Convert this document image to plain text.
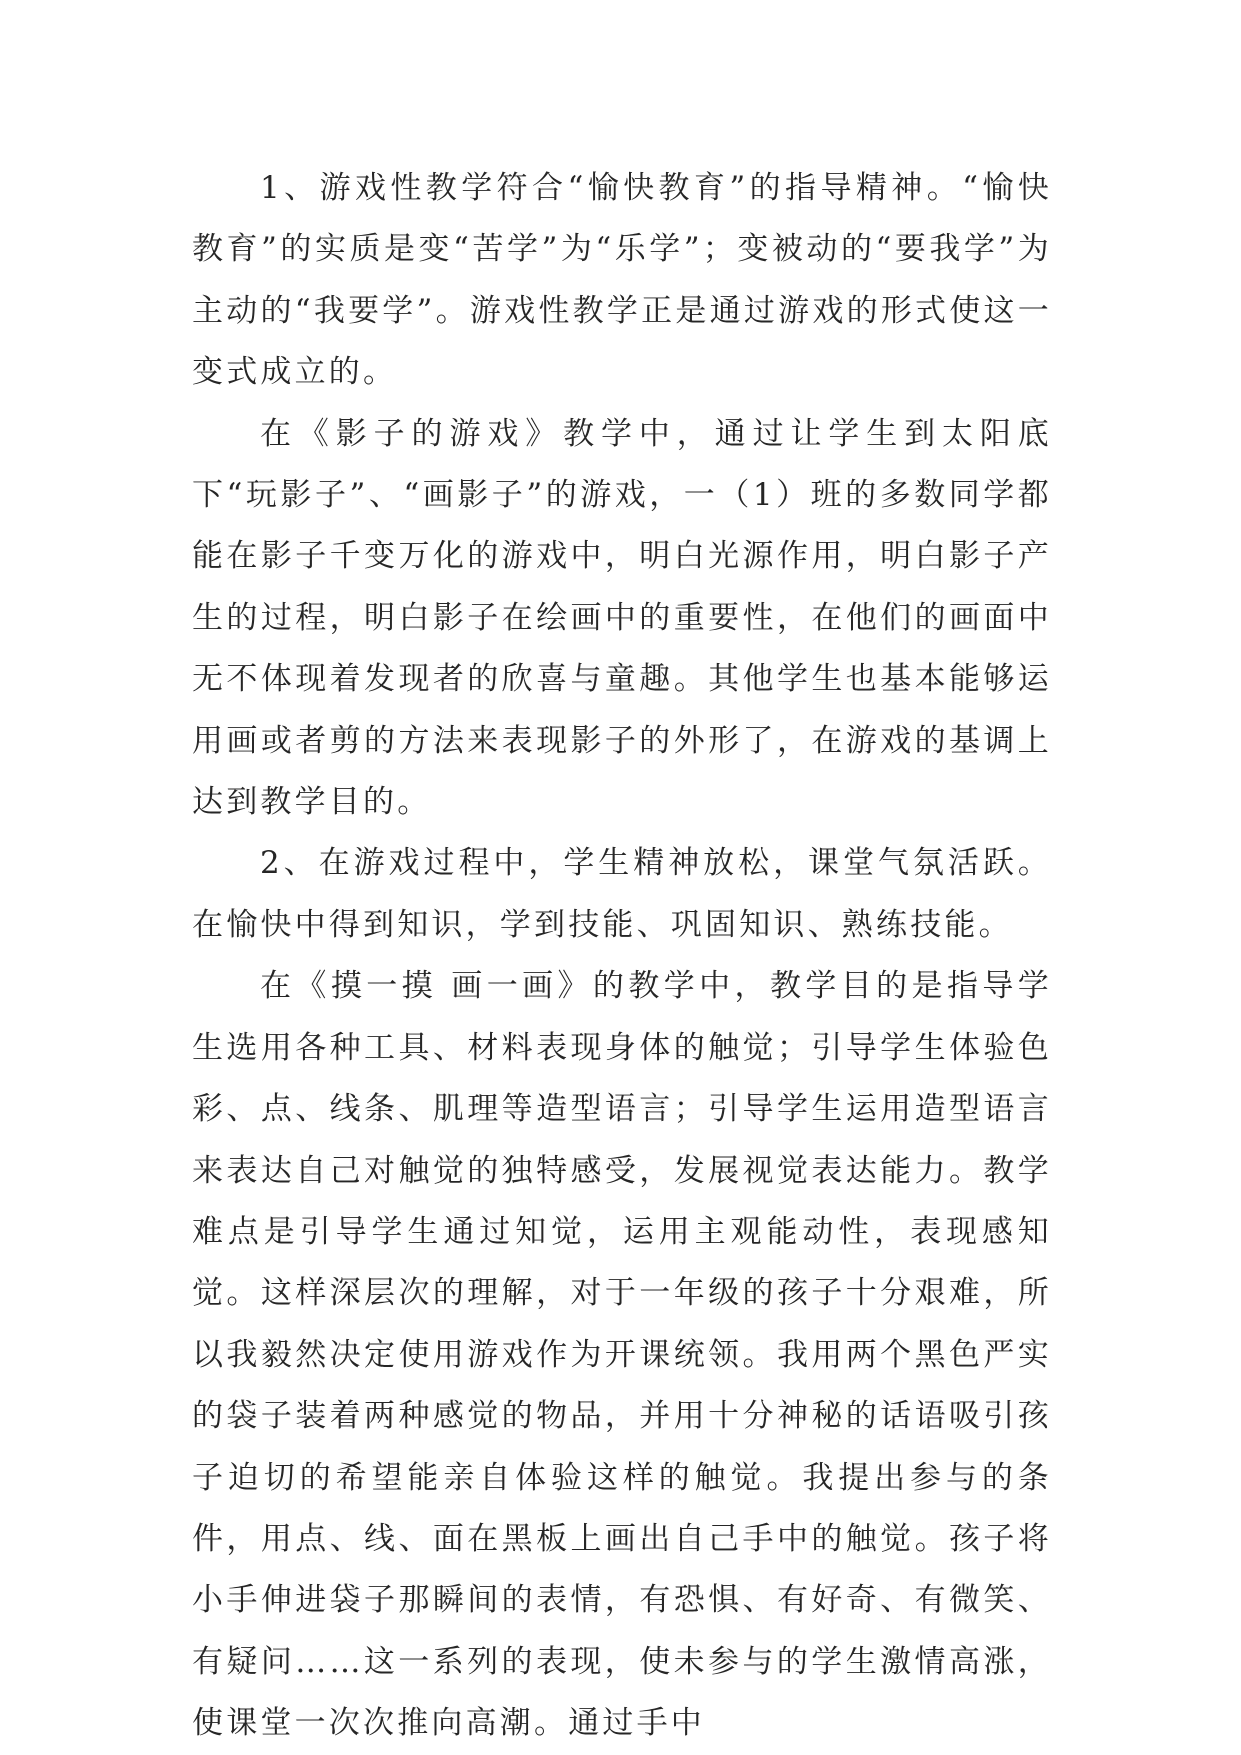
1、游戏性教学符合“愉快教育”的指导精神。“愉快教育”的实质是变“苦学”为“乐学”；变被动的“要我学”为主动的“我要学”。游戏性教学正是通过游戏的形式使这一变式成立的。

在《影子的游戏》教学中，通过让学生到太阳底下“玩影子”、“画影子”的游戏，一（1）班的多数同学都能在影子千变万化的游戏中，明白光源作用，明白影子产生的过程，明白影子在绘画中的重要性，在他们的画面中无不体现着发现者的欣喜与童趣。其他学生也基本能够运用画或者剪的方法来表现影子的外形了，在游戏的基调上达到教学目的。

2、在游戏过程中，学生精神放松，课堂气氛活跃。在愉快中得到知识，学到技能、巩固知识、熟练技能。

在《摸一摸 画一画》的教学中，教学目的是指导学生选用各种工具、材料表现身体的触觉；引导学生体验色彩、点、线条、肌理等造型语言；引导学生运用造型语言来表达自己对触觉的独特感受，发展视觉表达能力。教学难点是引导学生通过知觉，运用主观能动性，表现感知觉。这样深层次的理解，对于一年级的孩子十分艰难，所以我毅然决定使用游戏作为开课统领。我用两个黑色严实的袋子装着两种感觉的物品，并用十分神秘的话语吸引孩子迫切的希望能亲自体验这样的触觉。我提出参与的条件，用点、线、面在黑板上画出自己手中的触觉。孩子将小手伸进袋子那瞬间的表情，有恐惧、有好奇、有微笑、有疑问……这一系列的表现，使未参与的学生激情高涨，使课堂一次次推向高潮。通过手中
